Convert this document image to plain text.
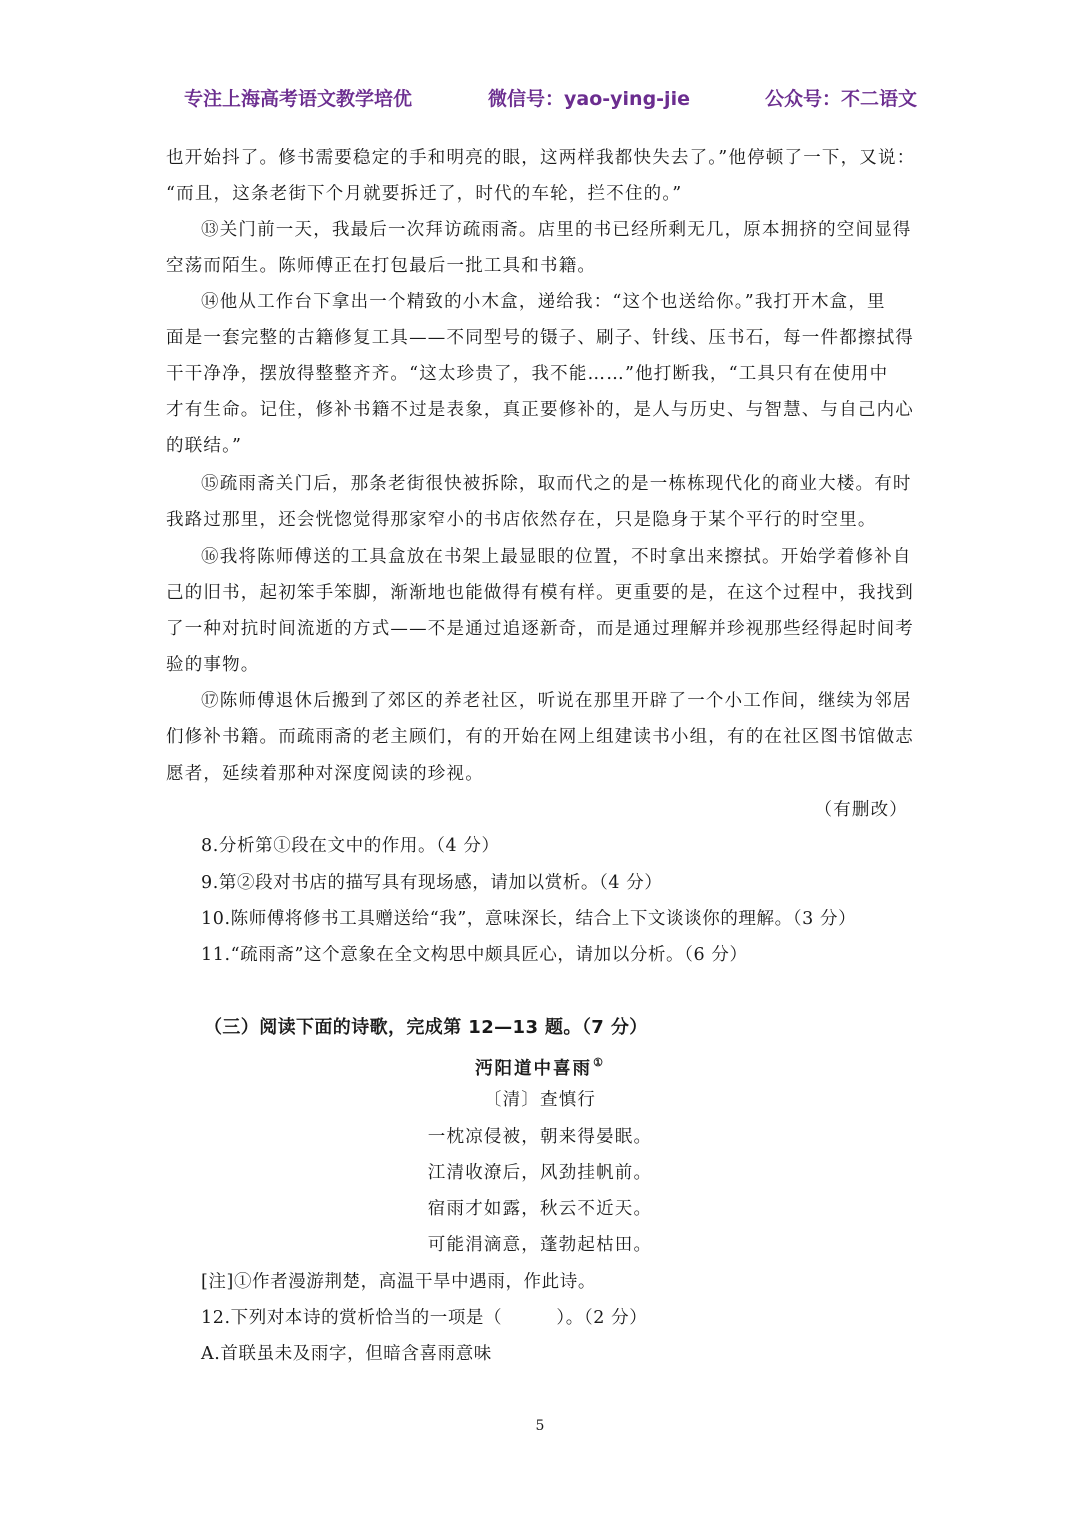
专注上海高考语文教学培优	微信号：yao-ying-jie	公众号：不二语文
也开始抖了。修书需要稳定的手和明亮的眼，这两样我都快失去了。”他停顿了一下，又说：
“而且，这条老街下个月就要拆迁了，时代的车轮，拦不住的。”
⑬关门前一天，我最后一次拜访疏雨斋。店里的书已经所剩无几，原本拥挤的空间显得
空荡而陌生。陈师傅正在打包最后一批工具和书籍。
⑭他从工作台下拿出一个精致的小木盒，递给我：“这个也送给你。”我打开木盒，里
面是一套完整的古籍修复工具——不同型号的镊子、刷子、针线、压书石，每一件都擦拭得
干干净净，摆放得整整齐齐。“这太珍贵了，我不能……”他打断我，“工具只有在使用中
才有生命。记住，修补书籍不过是表象，真正要修补的，是人与历史、与智慧、与自己内心
的联结。”
⑮疏雨斋关门后，那条老街很快被拆除，取而代之的是一栋栋现代化的商业大楼。有时
我路过那里，还会恍惚觉得那家窄小的书店依然存在，只是隐身于某个平行的时空里。
⑯我将陈师傅送的工具盒放在书架上最显眼的位置，不时拿出来擦拭。开始学着修补自
己的旧书，起初笨手笨脚，渐渐地也能做得有模有样。更重要的是，在这个过程中，我找到
了一种对抗时间流逝的方式——不是通过追逐新奇，而是通过理解并珍视那些经得起时间考
验的事物。
⑰陈师傅退休后搬到了郊区的养老社区，听说在那里开辟了一个小工作间，继续为邻居
们修补书籍。而疏雨斋的老主顾们，有的开始在网上组建读书小组，有的在社区图书馆做志
愿者，延续着那种对深度阅读的珍视。
（有删改）
8.分析第①段在文中的作用。（4 分）
9.第②段对书店的描写具有现场感，请加以赏析。（4 分）
10.陈师傅将修书工具赠送给“我”，意味深长，结合上下文谈谈你的理解。（3 分）
11.“疏雨斋”这个意象在全文构思中颇具匠心，请加以分析。（6 分）
（三）阅读下面的诗歌，完成第 12—13 题。（7 分）
沔阳道中喜雨①
〔清〕查慎行
一枕凉侵被，朝来得晏眠。
江清收潦后，风劲挂帆前。
宿雨才如露，秋云不近天。
可能涓滴意，蓬勃起枯田。
[注]①作者漫游荆楚，高温干旱中遇雨，作此诗。
12.下列对本诗的赏析恰当的一项是（　　　）。（2 分）
A.首联虽未及雨字，但暗含喜雨意味
5
